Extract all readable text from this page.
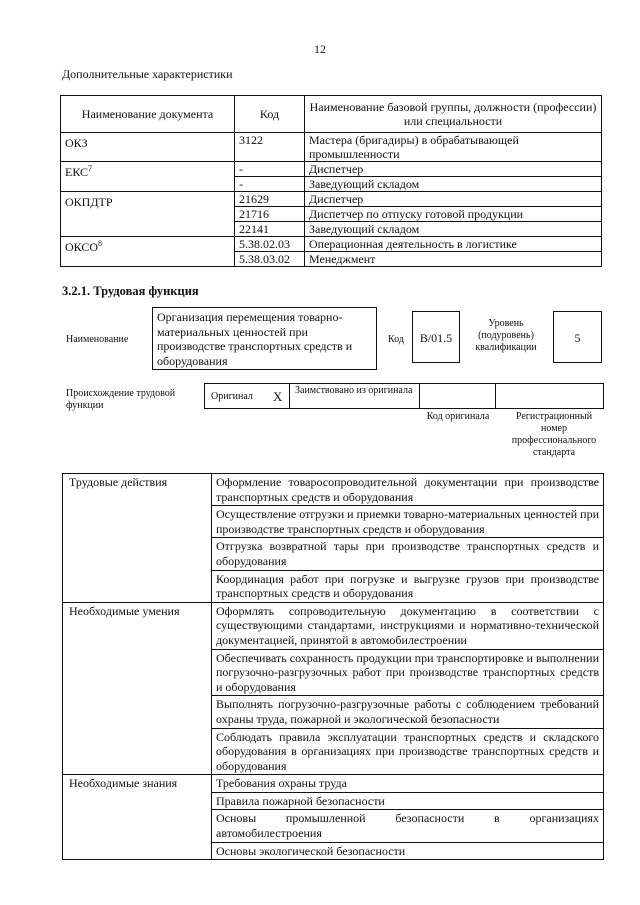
12
Дополнительные характеристики
Наименование документа	Код	Наименование базовой группы, должности (профессии) или специальности
ОКЗ	3122	Мастера (бригадиры) в обрабатывающей промышленности
ЕКС$^7$	-	Диспетчер
	-	Заведующий складом
ОКПДТР	21629	Диспетчер
	21716	Диспетчер по отпуску готовой продукции
	22141	Заведующий складом
ОКСО$^8$	5.38.02.03	Операционная деятельность в логистике
	5.38.03.02	Менеджмент
3.2.1. Трудовая функция
Наименование
Организация перемещения товарно-материальных ценностей при производстве транспортных средств и оборудования
Код	B/01.5
Уровень (подуровень) квалификации
5
Происхождение трудовой функции
Оригинал X Заимствовано из оригинала
Код оригинала	Регистрационный номер профессионального стандарта
Трудовые действия	Оформление товаросопроводительной документации при производстве транспортных средств и оборудования
	Осуществление отгрузки и приемки товарно-материальных ценностей при производстве транспортных средств и оборудования
	Отгрузка возвратной тары при производстве транспортных средств и оборудования
	Координация работ при погрузке и выгрузке грузов при производстве транспортных средств и оборудования
Необходимые умения	Оформлять сопроводительную документацию в соответствии с существующими стандартами, инструкциями и нормативно-технической документацией, принятой в автомобилестроении
	Обеспечивать сохранность продукции при транспортировке и выполнении погрузочно-разгрузочных работ при производстве транспортных средств и оборудования
	Выполнять погрузочно-разгрузочные работы с соблюдением требований охраны труда, пожарной и экологической безопасности
	Соблюдать правила эксплуатации транспортных средств и складского оборудования в организациях при производстве транспортных средств и оборудования
Необходимые знания	Требования охраны труда
	Правила пожарной безопасности
	Основы промышленной безопасности в организациях автомобилестроения
	Основы экологической безопасности
